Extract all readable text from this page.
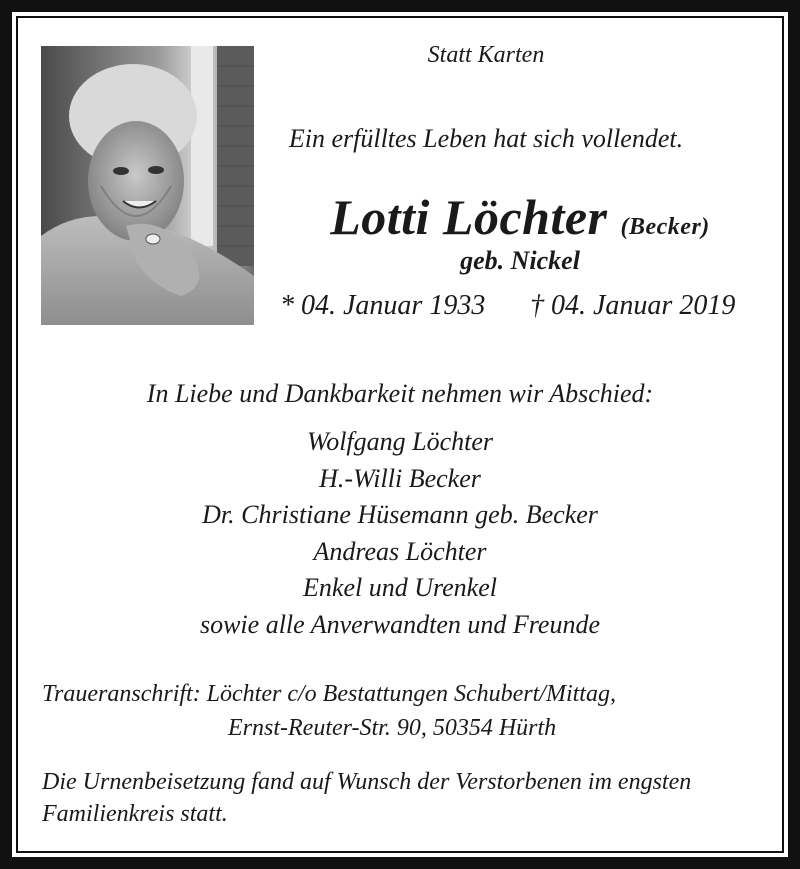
Statt Karten
Ein erfülltes Leben hat sich vollendet.
Lotti Löchter (Becker)
geb. Nickel
* 04. Januar 1933 † 04. Januar 2019
In Liebe und Dankbarkeit nehmen wir Abschied:
Wolfgang Löchter
H.-Willi Becker
Dr. Christiane Hüsemann geb. Becker
Andreas Löchter
Enkel und Urenkel
sowie alle Anverwandten und Freunde
Traueranschrift: Löchter c/o Bestattungen Schubert/Mittag,
Ernst-Reuter-Str. 90, 50354 Hürth
Die Urnenbeisetzung fand auf Wunsch der Verstorbenen im engsten Familienkreis statt.
